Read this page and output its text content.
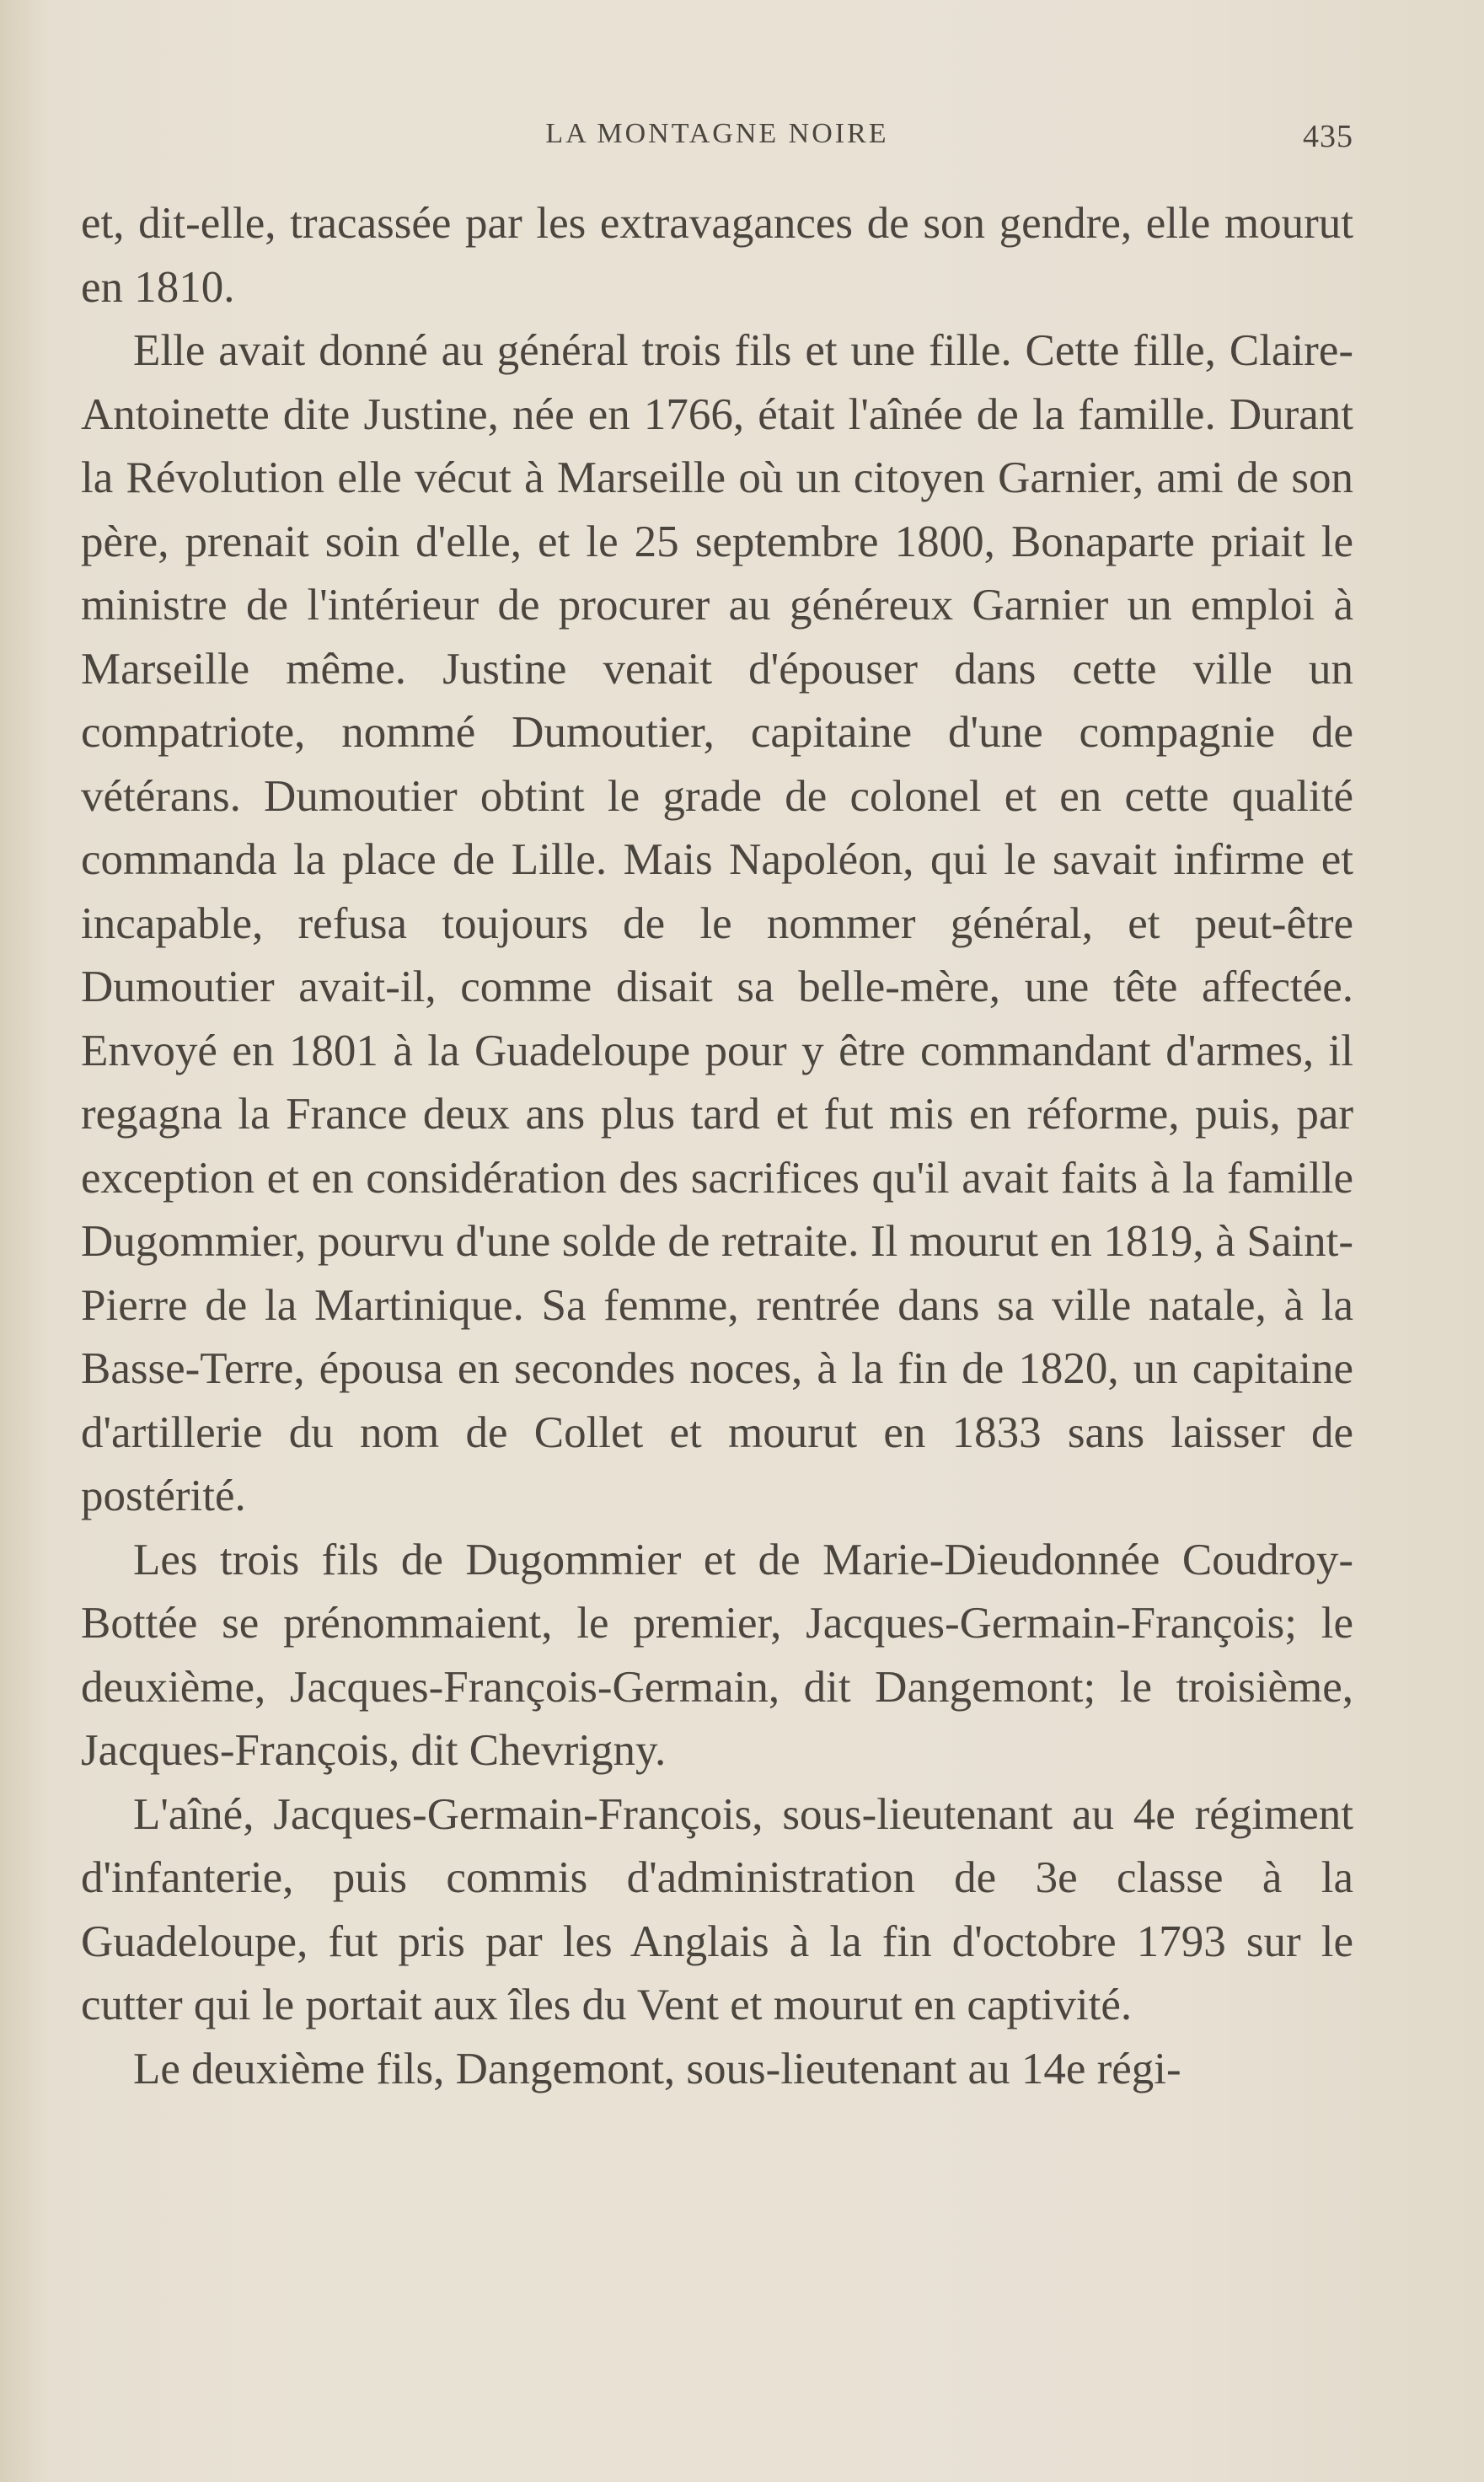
LA MONTAGNE NOIRE	435

et, dit-elle, tracassée par les extravagances de son gendre, elle mourut en 1810.

Elle avait donné au général trois fils et une fille. Cette fille, Claire-Antoinette dite Justine, née en 1766, était l'aînée de la famille. Durant la Révolution elle vécut à Marseille où un citoyen Garnier, ami de son père, prenait soin d'elle, et le 25 septembre 1800, Bonaparte priait le ministre de l'intérieur de procurer au généreux Garnier un emploi à Marseille même. Justine venait d'épouser dans cette ville un compatriote, nommé Dumoutier, capitaine d'une compagnie de vétérans. Dumoutier obtint le grade de colonel et en cette qualité commanda la place de Lille. Mais Napoléon, qui le savait infirme et incapable, refusa toujours de le nommer général, et peut-être Dumoutier avait-il, comme disait sa belle-mère, une tête affectée. Envoyé en 1801 à la Guadeloupe pour y être commandant d'armes, il regagna la France deux ans plus tard et fut mis en réforme, puis, par exception et en considération des sacrifices qu'il avait faits à la famille Dugommier, pourvu d'une solde de retraite. Il mourut en 1819, à Saint-Pierre de la Martinique. Sa femme, rentrée dans sa ville natale, à la Basse-Terre, épousa en secondes noces, à la fin de 1820, un capitaine d'artillerie du nom de Collet et mourut en 1833 sans laisser de postérité.

Les trois fils de Dugommier et de Marie-Dieudonnée Coudroy-Bottée se prénommaient, le premier, Jacques-Germain-François; le deuxième, Jacques-François-Germain, dit Dangemont; le troisième, Jacques-François, dit Chevrigny.

L'aîné, Jacques-Germain-François, sous-lieutenant au 4e régiment d'infanterie, puis commis d'administration de 3e classe à la Guadeloupe, fut pris par les Anglais à la fin d'octobre 1793 sur le cutter qui le portait aux îles du Vent et mourut en captivité.

Le deuxième fils, Dangemont, sous-lieutenant au 14e régi-
